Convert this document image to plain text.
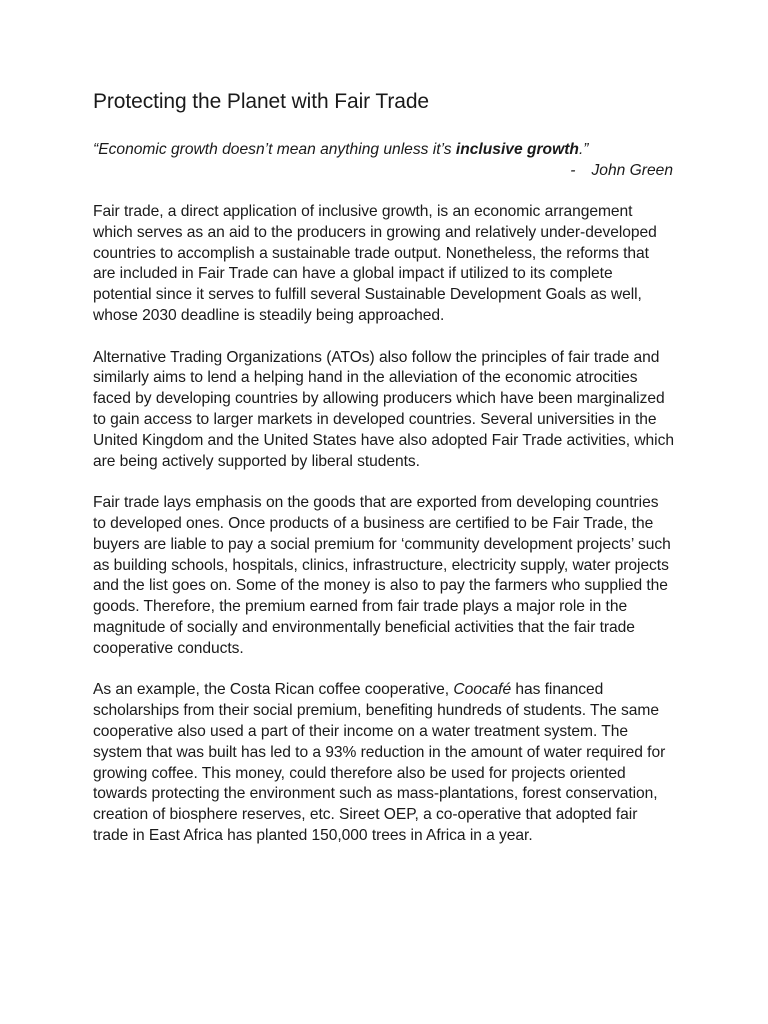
Protecting the Planet with Fair Trade
“Economic growth doesn’t mean anything unless it’s inclusive growth.”
- John Green

Fair trade, a direct application of inclusive growth, is an economic arrangement which serves as an aid to the producers in growing and relatively under-developed countries to accomplish a sustainable trade output. Nonetheless, the reforms that are included in Fair Trade can have a global impact if utilized to its complete potential since it serves to fulfill several Sustainable Development Goals as well, whose 2030 deadline is steadily being approached.

Alternative Trading Organizations (ATOs) also follow the principles of fair trade and similarly aims to lend a helping hand in the alleviation of the economic atrocities faced by developing countries by allowing producers which have been marginalized to gain access to larger markets in developed countries. Several universities in the United Kingdom and the United States have also adopted Fair Trade activities, which are being actively supported by liberal students.

Fair trade lays emphasis on the goods that are exported from developing countries to developed ones. Once products of a business are certified to be Fair Trade, the buyers are liable to pay a social premium for ‘community development projects’ such as building schools, hospitals, clinics, infrastructure, electricity supply, water projects and the list goes on. Some of the money is also to pay the farmers who supplied the goods. Therefore, the premium earned from fair trade plays a major role in the magnitude of socially and environmentally beneficial activities that the fair trade cooperative conducts.

As an example, the Costa Rican coffee cooperative, Coocafé has financed scholarships from their social premium, benefiting hundreds of students. The same cooperative also used a part of their income on a water treatment system. The system that was built has led to a 93% reduction in the amount of water required for growing coffee. This money, could therefore also be used for projects oriented towards protecting the environment such as mass-plantations, forest conservation, creation of biosphere reserves, etc. Sireet OEP, a co-operative that adopted fair trade in East Africa has planted 150,000 trees in Africa in a year.
